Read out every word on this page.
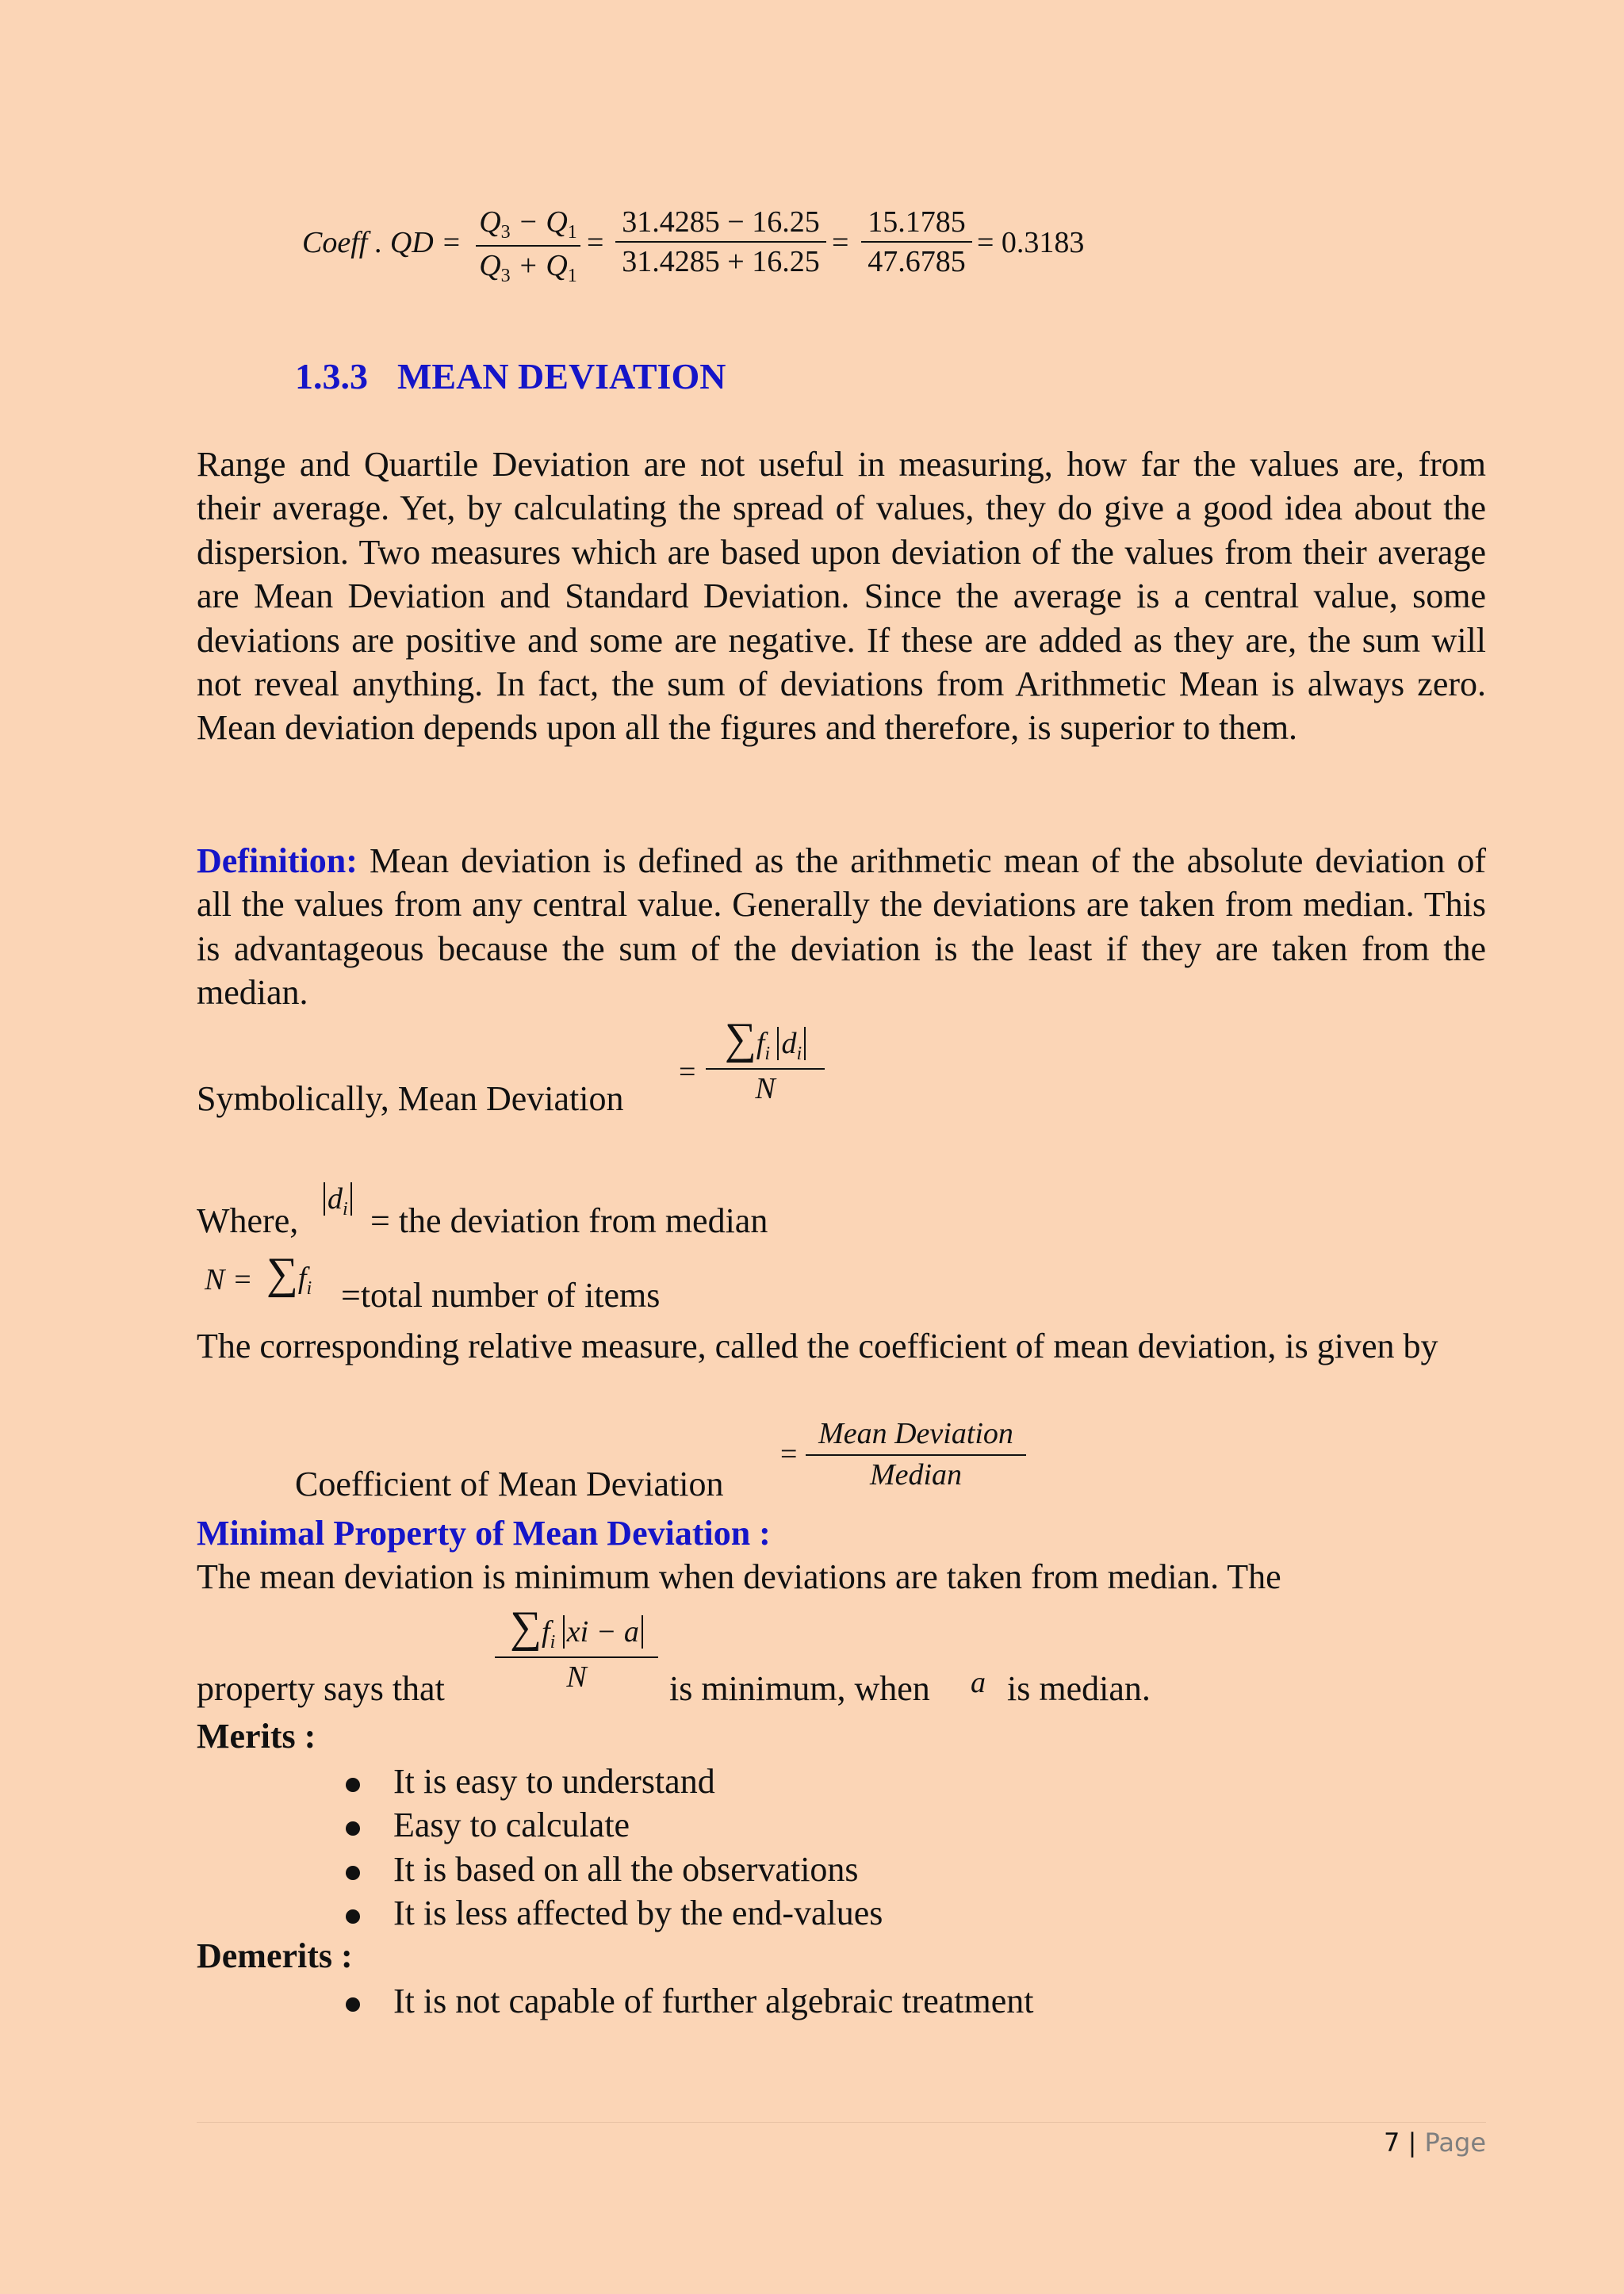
Coeff . QD =
$Q_3 - Q_1$
$Q_3 + Q_1$
= $\frac{31.4285 - 16.25}{31.4285 + 16.25} = \frac{15.1785}{47.6785} = 0.3183$
1.3.3 MEAN DEVIATION
Range and Quartile Deviation are not useful in measuring, how far the values are, from their average. Yet, by calculating the spread of values, they do give a good idea about the dispersion. Two measures which are based upon deviation of the values from their average are Mean Deviation and Standard Deviation. Since the average is a central value, some deviations are positive and some are negative. If these are added as they are, the sum will not reveal anything. In fact, the sum of deviations from Arithmetic Mean is always zero. Mean deviation depends upon all the figures and therefore, is superior to them.
Definition: Mean deviation is defined as the arithmetic mean of the absolute deviation of all the values from any central value. Generally the deviations are taken from median. This is advantageous because the sum of the deviation is the least if they are taken from the median.
Symbolically, Mean Deviation
=
$\sum f_i$ $d_i$
N
Where,
$d_i$ = the deviation from median
$N = \sum f_i$ =total number of items
The corresponding relative measure, called the coefficient of mean deviation, is given by
Coefficient of Mean Deviation
=
Mean Deviation
Median
Minimal Property of Mean Deviation :
The mean deviation is minimum when deviations are taken from median. The
$\sum f_i$ xi − a
N
property says that	is minimum, when a is median.
Merits :
It is easy to understand
Easy to calculate
It is based on all the observations
It is less affected by the end-values
Demerits :
It is not capable of further algebraic treatment
7 | Page
